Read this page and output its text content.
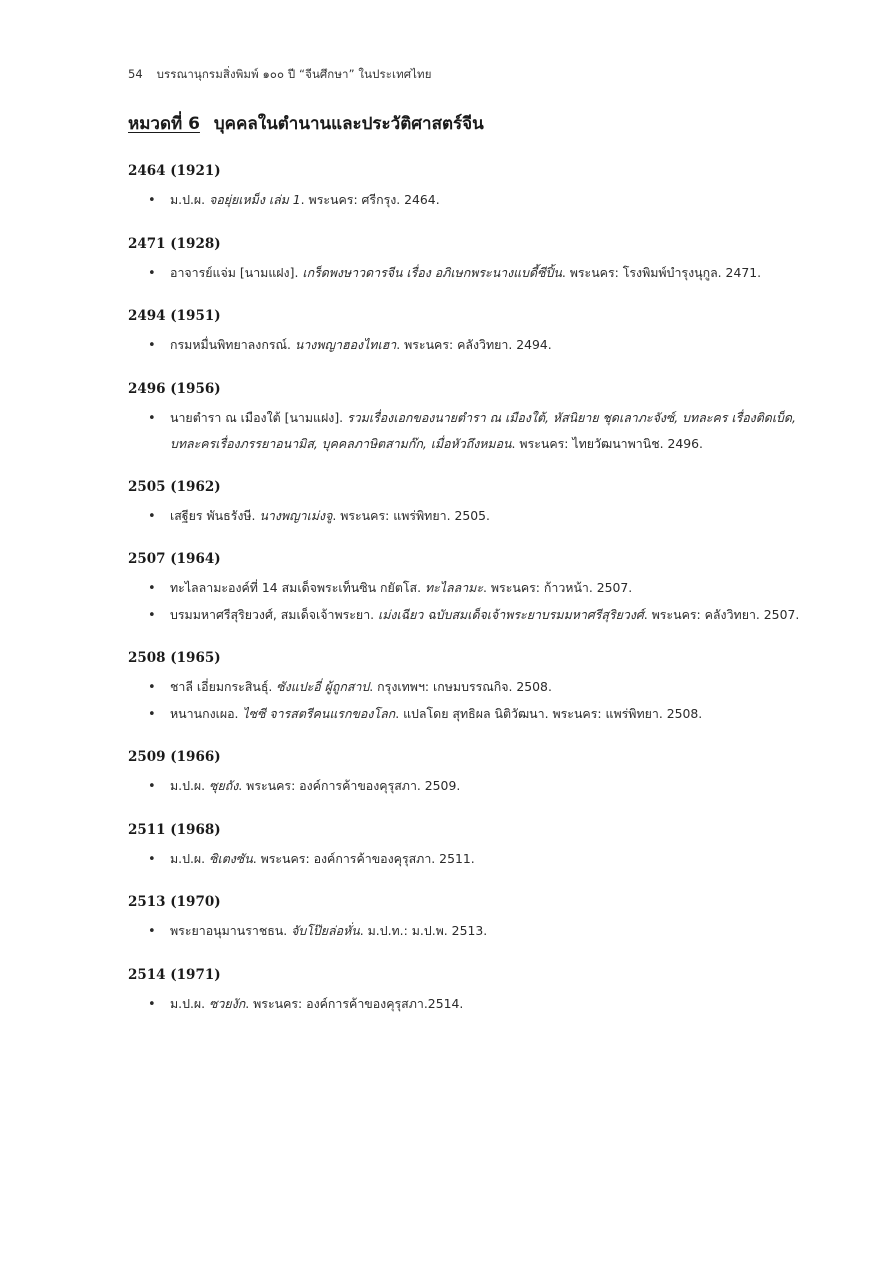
54 บรรณานุกรมสิ่งพิมพ์ ๑๐๐ ปี “จีนศึกษา” ในประเทศไทย
หมวดที่ 6 บุคคลในตำนานและประวัติศาสตร์จีน
2464 (1921)
• ม.ป.ผ. จอยุ่ยเหม็ง เล่ม 1. พระนคร: ศรีกรุง. 2464.
2471 (1928)
• อาจารย์แจ่ม [นามแฝง]. เกร็ดพงษาวดารจีน เรื่อง อภิเษกพระนางแบดี้ซีปิ้น. พระนคร: โรงพิมพ์บำรุงนุกูล. 2471.
2494 (1951)
• กรมหมื่นพิทยาลงกรณ์. นางพญาฮองไทเฮา. พระนคร: คลังวิทยา. 2494.
2496 (1956)
• นายตำรา ณ เมืองใต้ [นามแฝง]. รวมเรื่องเอกของนายตำรา ณ เมืองใต้, หัสนิยาย ชุดเลาภะจังซ์, บทละคร เรื่องติดเบ็ด, บทละครเรื่องภรรยาอนามิส, บุคคลภาษิตสามก๊ก, เมื่อหัวถึงหมอน. พระนคร: ไทยวัฒนาพานิช. 2496.
2505 (1962)
• เสฐียร พันธรังษี. นางพญาเม่งจู. พระนคร: แพร่พิทยา. 2505.
2507 (1964)
• ทะไลลามะองค์ที่ 14 สมเด็จพระเท็นซิน กยัตโส. ทะไลลามะ. พระนคร: ก้าวหน้า. 2507.
• บรมมหาศรีสุริยวงศ์, สมเด็จเจ้าพระยา. เม่งเฉียว ฉบับสมเด็จเจ้าพระยาบรมมหาศรีสุริยวงศ์. พระนคร: คลังวิทยา. 2507.
2508 (1965)
• ชาลี เอี่ยมกระสินธุ์. ซังแปะอี่ ผู้ถูกสาป. กรุงเทพฯ: เกษมบรรณกิจ. 2508.
• หนานกงเผอ. ไซซี จารสตรีคนแรกของโลก. แปลโดย สุทธิผล นิติวัฒนา. พระนคร: แพร่พิทยา. 2508.
2509 (1966)
• ม.ป.ผ. ซุยถัง. พระนคร: องค์การค้าของคุรุสภา. 2509.
2511 (1968)
• ม.ป.ผ. ซิเตงซัน. พระนคร: องค์การค้าของคุรุสภา. 2511.
2513 (1970)
• พระยาอนุมานราชธน. จับโป๊ยล่อหั่น. ม.ป.ท.: ม.ป.พ. 2513.
2514 (1971)
• ม.ป.ผ. ซวยงัก. พระนคร: องค์การค้าของคุรุสภา.2514.
